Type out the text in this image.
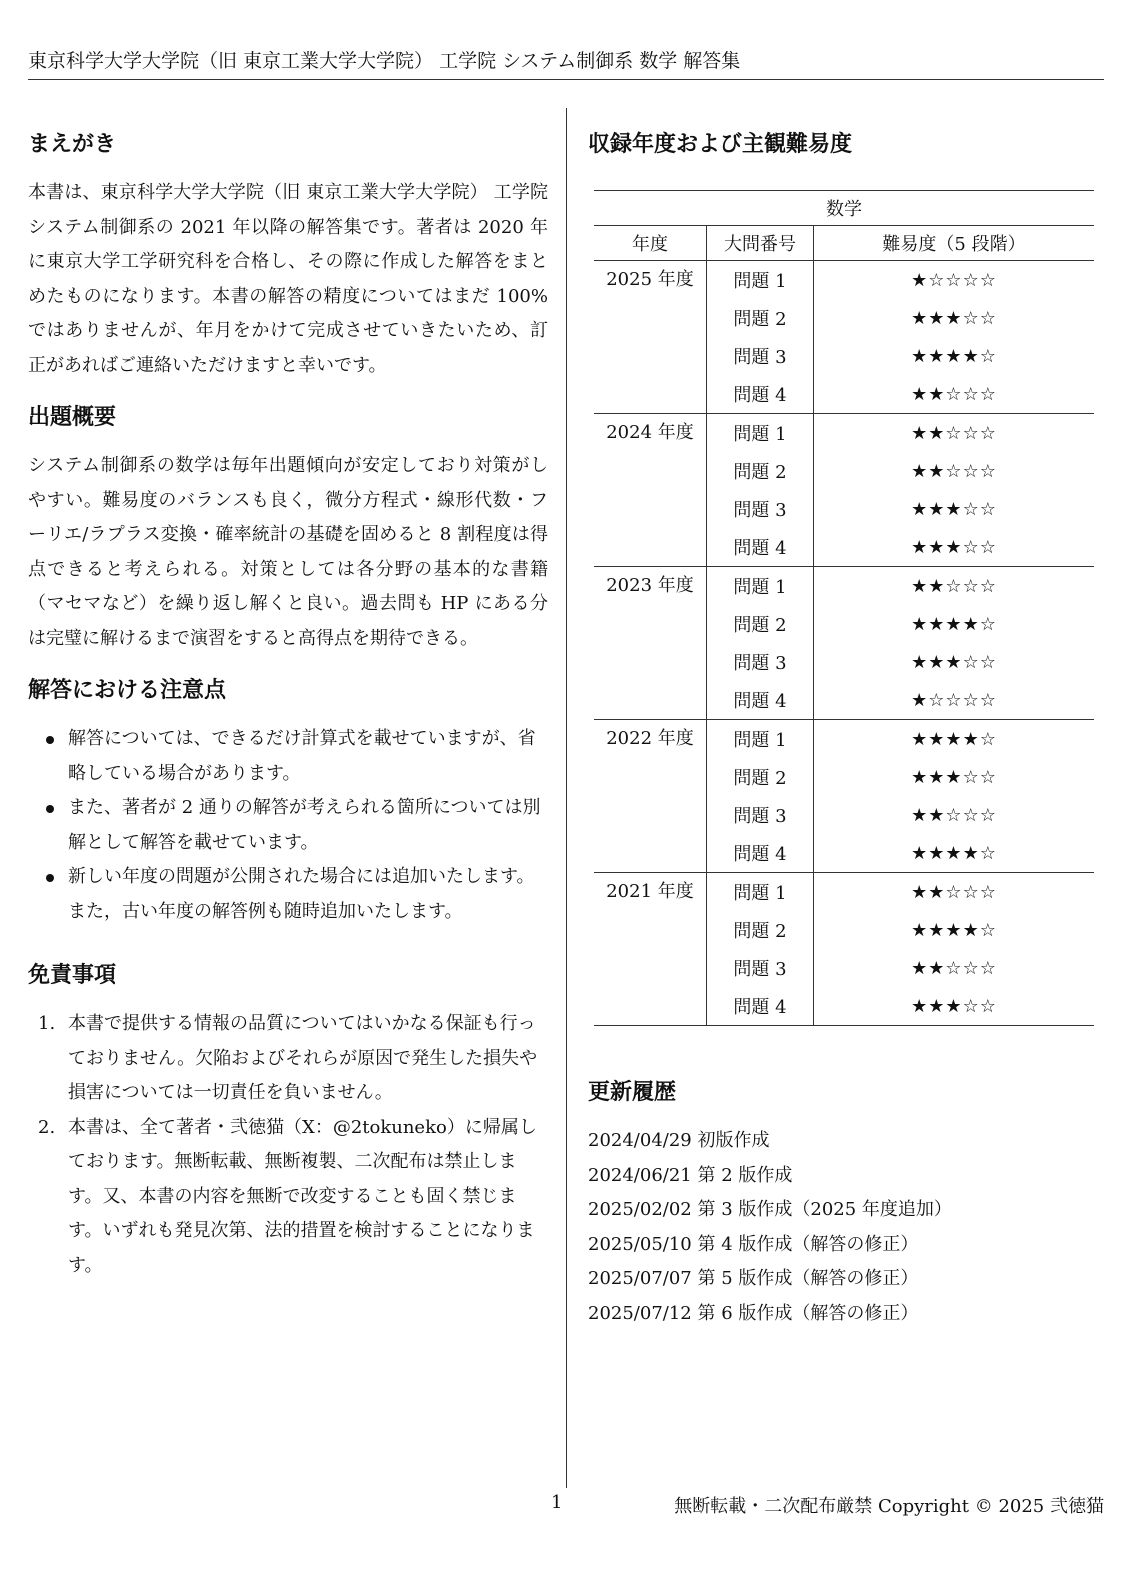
東京科学大学大学院（旧 東京工業大学大学院） 工学院 システム制御系 数学 解答集
まえがき

本書は、東京科学大学大学院（旧 東京工業大学大学院） 工学院 システム制御系の 2021 年以降の解答集です。著者は 2020 年に東京大学工学研究科を合格し、その際に作成した解答をまとめたものになります。本書の解答の精度についてはまだ 100% ではありませんが、年月をかけて完成させていきたいため、訂正があればご連絡いただけますと幸いです。

出題概要

システム制御系の数学は毎年出題傾向が安定しており対策がしやすい。難易度のバランスも良く，微分方程式・線形代数・フーリエ/ラプラス変換・確率統計の基礎を固めると 8 割程度は得点できると考えられる。対策としては各分野の基本的な書籍（マセマなど）を繰り返し解くと良い。過去問も HP にある分は完璧に解けるまで演習をすると高得点を期待できる。

解答における注意点
解答については、できるだけ計算式を載せていますが、省略している場合があります。
また、著者が 2 通りの解答が考えられる箇所については別解として解答を載せています。
新しい年度の問題が公開された場合には追加いたします。また，古い年度の解答例も随時追加いたします。
免責事項
1. 本書で提供する情報の品質についてはいかなる保証も行っておりません。欠陥およびそれらが原因で発生した損失や損害については一切責任を負いません。
2. 本書は、全て著者・弐徳猫（X：@2tokuneko）に帰属しております。無断転載、無断複製、二次配布は禁止します。又、本書の内容を無断で改変することも固く禁じます。いずれも発見次第、法的措置を検討することになります。
収録年度および主観難易度
数学		
年度	大問番号	難易度（5 段階）
2025 年度	問題 1	★☆☆☆☆
	問題 2	★★★☆☆
	問題 3	★★★★☆
	問題 4	★★☆☆☆
2024 年度	問題 1	★★☆☆☆
	問題 2	★★☆☆☆
	問題 3	★★★☆☆
	問題 4	★★★☆☆
2023 年度	問題 1	★★☆☆☆
	問題 2	★★★★☆
	問題 3	★★★☆☆
	問題 4	★☆☆☆☆
2022 年度	問題 1	★★★★☆
	問題 2	★★★☆☆
	問題 3	★★☆☆☆
	問題 4	★★★★☆
2021 年度	問題 1	★★☆☆☆
	問題 2	★★★★☆
	問題 3	★★☆☆☆
	問題 4	★★★☆☆
更新履歴
2024/04/29 初版作成
2024/06/21 第 2 版作成
2025/02/02 第 3 版作成（2025 年度追加）
2025/05/10 第 4 版作成（解答の修正）
2025/07/07 第 5 版作成（解答の修正）
2025/07/12 第 6 版作成（解答の修正）
1	無断転載・二次配布厳禁 Copyright © 2025 弐徳猫
